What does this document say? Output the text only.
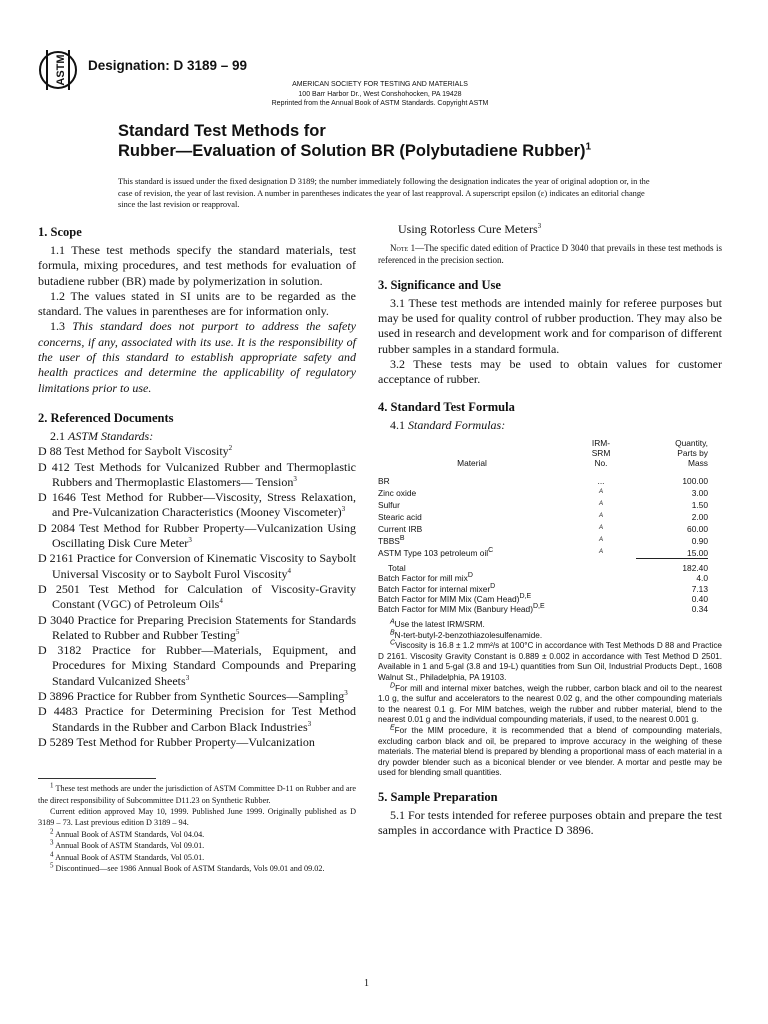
ASTM Designation: D 3189 – 99
AMERICAN SOCIETY FOR TESTING AND MATERIALS
100 Barr Harbor Dr., West Conshohocken, PA 19428
Reprinted from the Annual Book of ASTM Standards. Copyright ASTM
Standard Test Methods for
Rubber—Evaluation of Solution BR (Polybutadiene Rubber)$^1$
This standard is issued under the fixed designation D 3189; the number immediately following the designation indicates the year of original adoption or, in the case of revision, the year of last revision. A number in parentheses indicates the year of last reapproval. A superscript epsilon (ε) indicates an editorial change since the last revision or reapproval.
1. Scope

1.1 These test methods specify the standard materials, test formula, mixing procedures, and test methods for evaluation of butadiene rubber (BR) made by polymerization in solution.

1.2 The values stated in SI units are to be regarded as the standard. The values in parentheses are for information only.

1.3 This standard does not purport to address the safety concerns, if any, associated with its use. It is the responsibility of the user of this standard to establish appropriate safety and health practices and determine the applicability of regulatory limitations prior to use.

2. Referenced Documents

2.1 ASTM Standards:

D 88 Test Method for Saybolt Viscosity$^2$

D 412 Test Methods for Vulcanized Rubber and Thermoplastic Rubbers and Thermoplastic Elastomers— Tension$^3$

D 1646 Test Method for Rubber—Viscosity, Stress Relaxation, and Pre-Vulcanization Characteristics (Mooney Viscometer)$^3$

D 2084 Test Method for Rubber Property—Vulcanization Using Oscillating Disk Cure Meter$^3$

D 2161 Practice for Conversion of Kinematic Viscosity to Saybolt Universal Viscosity or to Saybolt Furol Viscosity$^4$

D 2501 Test Method for Calculation of Viscosity-Gravity Constant (VGC) of Petroleum Oils$^4$

D 3040 Practice for Preparing Precision Statements for Standards Related to Rubber and Rubber Testing$^5$

D 3182 Practice for Rubber—Materials, Equipment, and Procedures for Mixing Standard Compounds and Preparing Standard Vulcanized Sheets$^3$

D 3896 Practice for Rubber from Synthetic Sources—Sampling$^3$

D 4483 Practice for Determining Precision for Test Method Standards in the Rubber and Carbon Black Industries$^3$

D 5289 Test Method for Rubber Property—Vulcanization

$^1$ These test methods are under the jurisdiction of ASTM Committee D-11 on Rubber and are the direct responsibility of Subcommittee D11.23 on Synthetic Rubber.

Current edition approved May 10, 1999. Published June 1999. Originally published as D 3189 – 73. Last previous edition D 3189 – 94.

$^2$ Annual Book of ASTM Standards, Vol 04.04.

$^3$ Annual Book of ASTM Standards, Vol 09.01.

$^4$ Annual Book of ASTM Standards, Vol 05.01.

$^5$ Discontinued—see 1986 Annual Book of ASTM Standards, Vols 09.01 and 09.02.

Using Rotorless Cure Meters$^3$

Note 1—The specific dated edition of Practice D 3040 that prevails in these test methods is referenced in the precision section.

3. Significance and Use

3.1 These test methods are intended mainly for referee purposes but may be used for quality control of rubber production. They may also be used in research and development work and for comparison of different rubber samples in a standard formula.

3.2 These tests may be used to obtain values for customer acceptance of rubber.

4. Standard Test Formula

4.1 Standard Formulas:

Material	IRM-
SRM
No.	Quantity,
Parts by
Mass

BR	...	100.00
Zinc oxide	$^A$	3.00
Sulfur	$^A$	1.50
Stearic acid	$^A$	2.00
Current IRB	$^A$	60.00
$TBBS^B$	$^A$	0.90
ASTM Type 103 petroleum oil$^C$	$^A$	15.00
Total		182.40
Batch Factor for mill mix$^D$		4.0
Batch Factor for internal mixer$^D$		7.13
Batch Factor for MIM Mix (Cam Head)$^{D,E}$		0.40
Batch Factor for MIM Mix (Banbury Head)$^{D,E}$		0.34

$^A$Use the latest IRM/SRM.

$^B$N-tert-butyl-2-benzothiazolesulfenamide.

$^C$Viscosity is 16.8 ± 1.2 mm²/s at 100°C in accordance with Test Methods D 88 and Practice D 2161. Viscosity Gravity Constant is 0.889 ± 0.002 in accordance with Test Method D 2501. Available in 1 and 5-gal (3.8 and 19-L) quantities from Sun Oil, Industrial Products Dept., 1608 Walnut St., Philadelphia, PA 19103.

$^D$For mill and internal mixer batches, weigh the rubber, carbon black and oil to the nearest 1.0 g, the sulfur and accelerators to the nearest 0.02 g, and the other compounding materials to the nearest 0.1 g. For MIM batches, weigh the rubber and rubber material, blend to the nearest 0.01 g and the individual compounding materials, if used, to the nearest 0.001 g.

$^E$For the MIM procedure, it is recommended that a blend of compounding materials, excluding carbon black and oil, be prepared to improve accuracy in the weighing of these materials. The material blend is prepared by blending a proportional mass of each material in a dry powder blender such as a biconical blender or vee blender. A mortar and pestle may be used for blending small quantities.

5. Sample Preparation

5.1 For tests intended for referee purposes obtain and prepare the test samples in accordance with Practice D 3896.

1
